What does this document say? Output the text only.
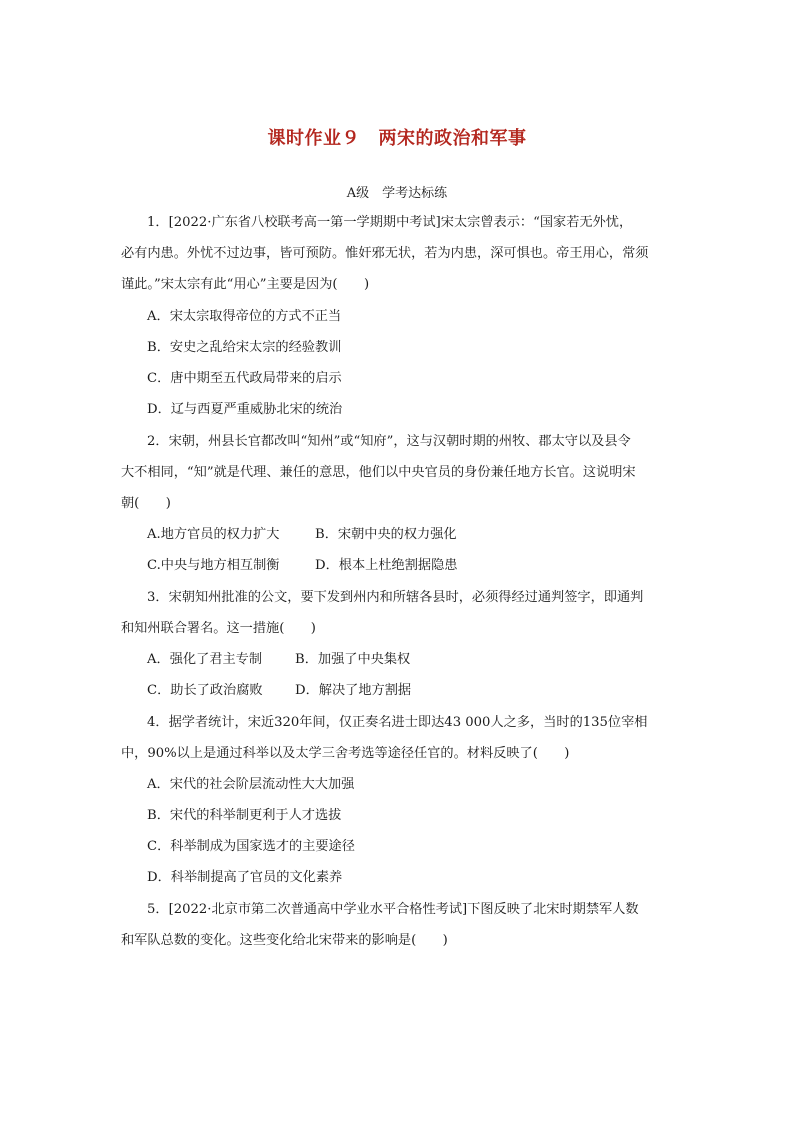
课时作业９　两宋的政治和军事
A级　学考达标练
1．[2022·广东省八校联考高一第一学期期中考试]宋太宗曾表示：“国家若无外忧，
必有内患。外忧不过边事，皆可预防。惟奸邪无状，若为内患，深可惧也。帝王用心，常须
谨此。”宋太宗有此“用心”主要是因为(　　)
A．宋太宗取得帝位的方式不正当
B．安史之乱给宋太宗的经验教训
C．唐中期至五代政局带来的启示
D．辽与西夏严重威胁北宋的统治
2．宋朝，州县长官都改叫“知州”或“知府”，这与汉朝时期的州牧、郡太守以及县令
大不相同，“知”就是代理、兼任的意思，他们以中央官员的身份兼任地方长官。这说明宋
朝(　　)
A.地方官员的权力扩大	B．宋朝中央的权力强化
C.中央与地方相互制衡	D．根本上杜绝割据隐患
3．宋朝知州批准的公文，要下发到州内和所辖各县时，必须得经过通判签字，即通判
和知州联合署名。这一措施(　　)
A．强化了君主专制 B．加强了中央集权
C．助长了政治腐败 D．解决了地方割据
4．据学者统计，宋近320年间，仅正奏名进士即达43 000人之多，当时的135位宰相
中，90%以上是通过科举以及太学三舍考选等途径任官的。材料反映了(　　)
A．宋代的社会阶层流动性大大加强
B．宋代的科举制更利于人才选拔
C．科举制成为国家选才的主要途径
D．科举制提高了官员的文化素养
5．[2022·北京市第二次普通高中学业水平合格性考试]下图反映了北宋时期禁军人数
和军队总数的变化。这些变化给北宋带来的影响是(　　)
